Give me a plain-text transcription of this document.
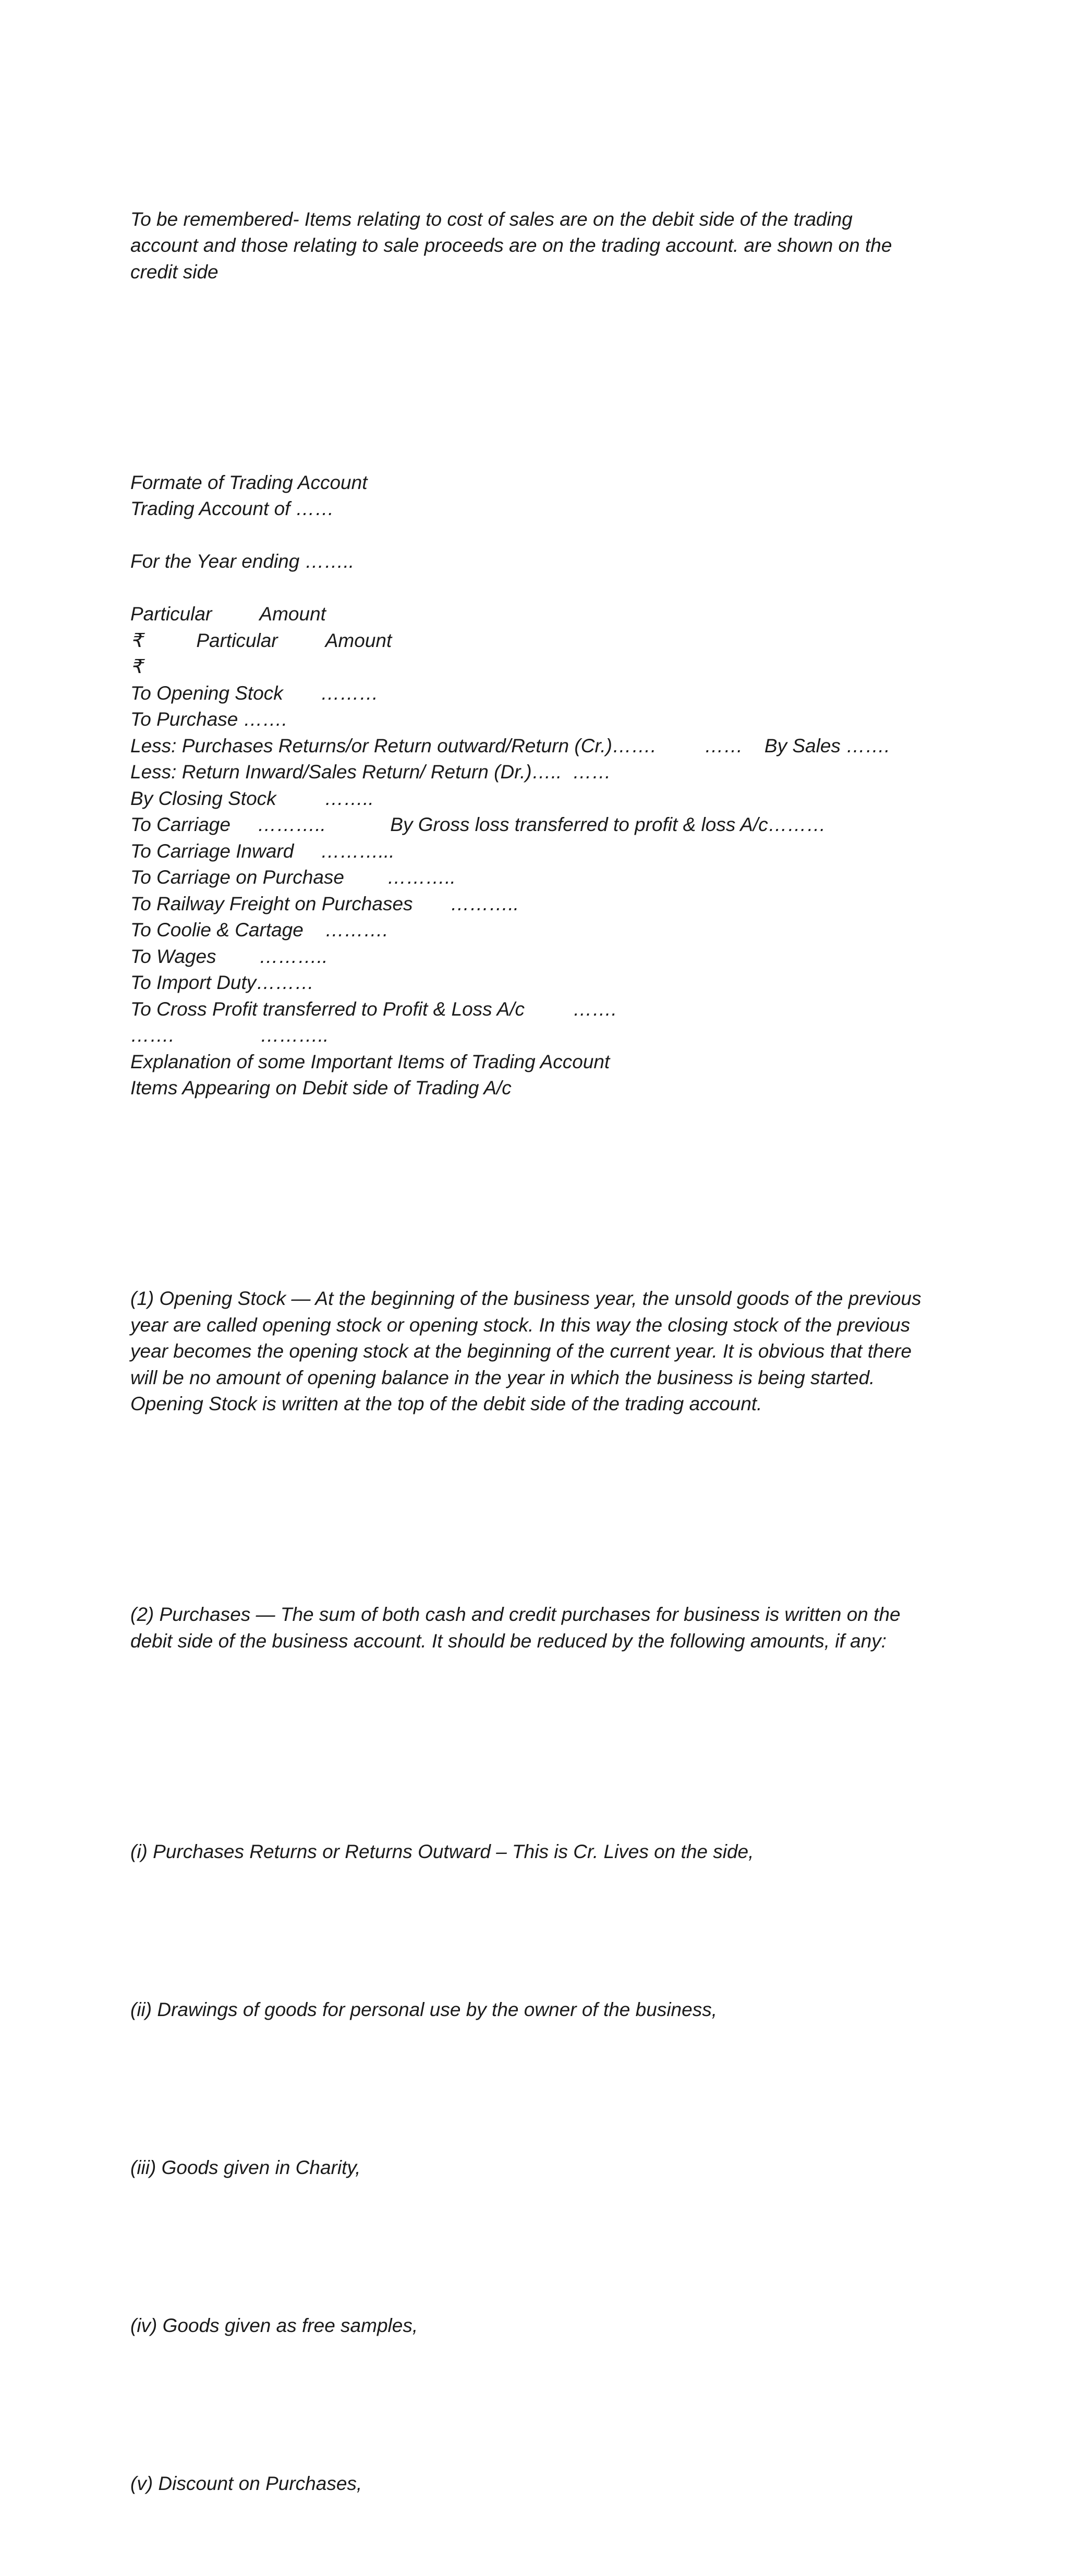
To be remembered- Items relating to cost of sales are on the debit side of the trading
account and those relating to sale proceeds are on the trading account. are shown on the
credit side

Formate of Trading Account
Trading Account of ……
For the Year ending ……..
Particular         Amount
₹          Particular         Amount
₹
To Opening Stock       ………
To Purchase …….
Less: Purchases Returns/or Return outward/Return (Cr.)…….         ……    By Sales …….
Less: Return Inward/Sales Return/ Return (Dr.)…..  ……
By Closing Stock         ……..
To Carriage     ………..            By Gross loss transferred to profit & loss A/c………
To Carriage Inward     ………...
To Carriage on Purchase        ………..
To Railway Freight on Purchases       ………..
To Coolie & Cartage    ……….
To Wages        ………..
To Import Duty………
To Cross Profit transferred to Profit & Loss A/c         …….
…….                ………..
Explanation of some Important Items of Trading Account
Items Appearing on Debit side of Trading A/c

(1) Opening Stock — At the beginning of the business year, the unsold goods of the previous
year are called opening stock or opening stock. In this way the closing stock of the previous
year becomes the opening stock at the beginning of the current year. It is obvious that there
will be no amount of opening balance in the year in which the business is being started.
Opening Stock is written at the top of the debit side of the trading account.

(2) Purchases — The sum of both cash and credit purchases for business is written on the
debit side of the business account. It should be reduced by the following amounts, if any:

(i) Purchases Returns or Returns Outward – This is Cr. Lives on the side,

(ii) Drawings of goods for personal use by the owner of the business,

(iii) Goods given in Charity,

(iv) Goods given as free samples,

(v) Discount on Purchases,
